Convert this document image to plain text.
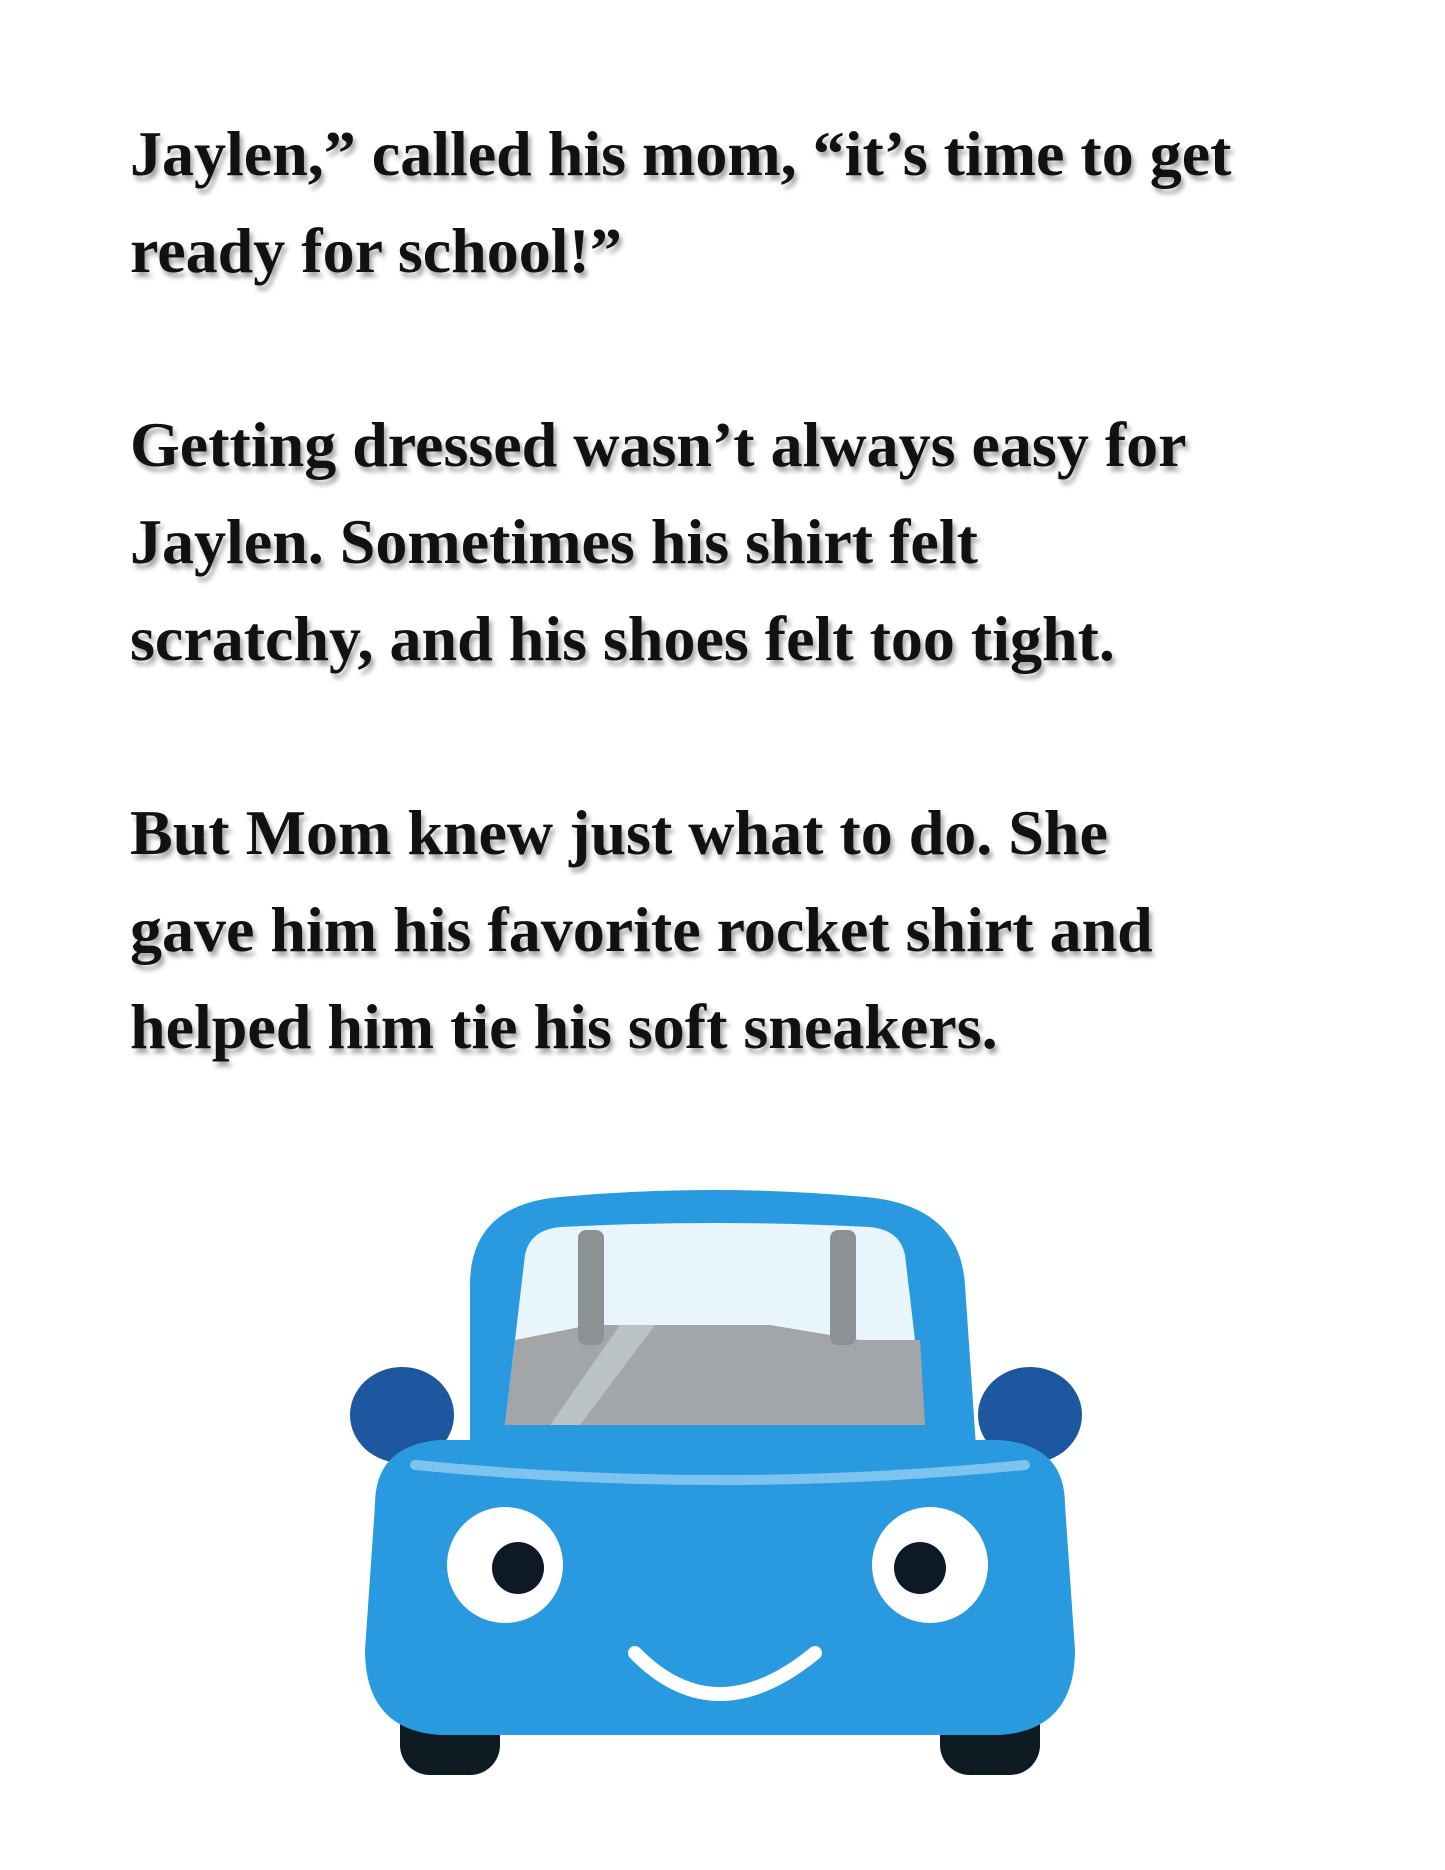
Jaylen,” called his mom, “it’s time to get
ready for school!”

Getting dressed wasn’t always easy for
Jaylen. Sometimes his shirt felt
scratchy, and his shoes felt too tight.

But Mom knew just what to do. She
gave him his favorite rocket shirt and
helped him tie his soft sneakers.
